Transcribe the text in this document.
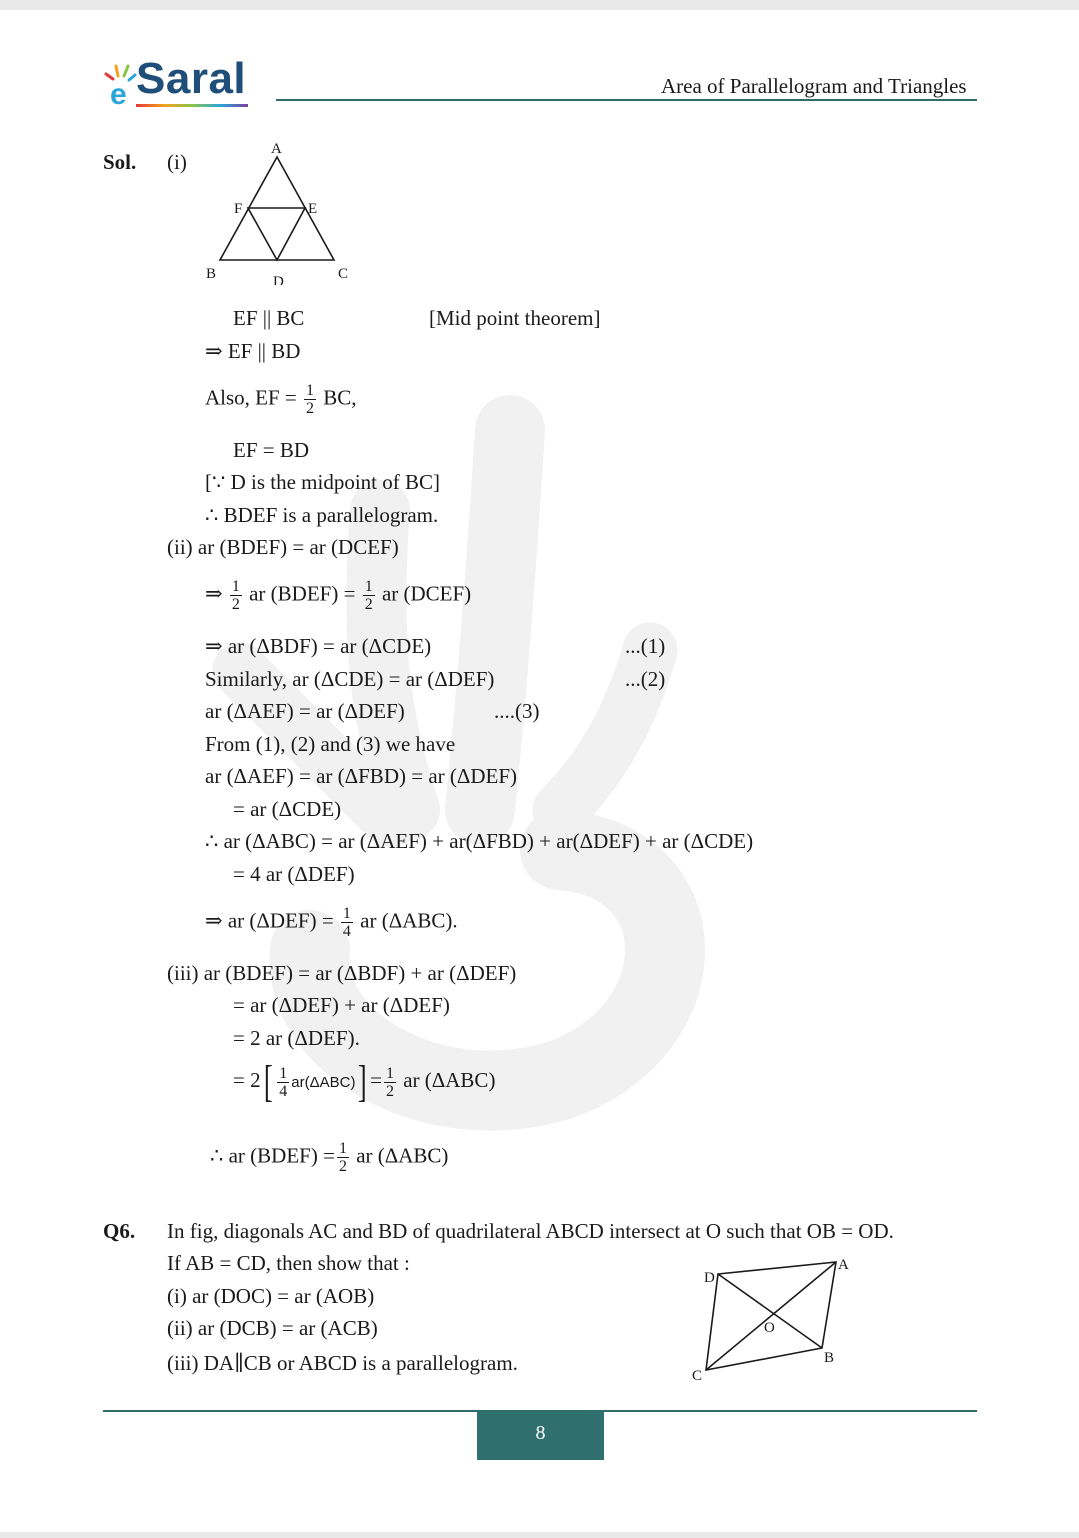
e Saral	Area of Parallelogram and Triangles
Sol. (i)
A
F	E
B	D	C
EF || BC	[Mid point theorem]
⇒ EF || BD
Also, EF = $\frac{1}{2}$ BC,
EF = BD
[∵ D is the midpoint of BC]
∴ BDEF is a parallelogram.
(ii) ar (BDEF) = ar (DCEF)
⇒ $\frac{1}{2}$ ar (BDEF) = $\frac{1}{2}$ ar (DCEF)
⇒ ar (ΔBDF) = ar (ΔCDE)	...(1)
Similarly, ar (ΔCDE) = ar (ΔDEF)	...(2)
ar (ΔAEF) = ar (ΔDEF)	....(3)
From (1), (2) and (3) we have
ar (ΔAEF) = ar (ΔFBD) = ar (ΔDEF)
= ar (ΔCDE)
∴ ar (ΔABC) = ar (ΔAEF) + ar(ΔFBD) + ar(ΔDEF) + ar (ΔCDE)
= 4 ar (ΔDEF)
⇒ ar $(\Delta DEF) = \frac{1}{4}$ ar (ΔABC).
(iii) ar (BDEF) = ar (ΔBDF) + ar (ΔDEF)
= ar (ΔDEF) + ar (ΔDEF)
= 2 ar (ΔDEF).
= $2[ \frac{1}{4} ar(\Delta ABC)] = \frac{1}{2}$ ar (ΔABC)
∴ ar (BDEF) = $\frac{1}{2}$ ar (ΔABC)
Q6. In fig, diagonals AC and BD of quadrilateral ABCD intersect at O such that OB = OD.
If AB = CD, then show that :
(i) ar (DOC) = ar (AOB)
(ii) ar (DCB) = ar (ACB)
(iii) DA∥CB or ABCD is a parallelogram.
D
A
O
B
C
8
